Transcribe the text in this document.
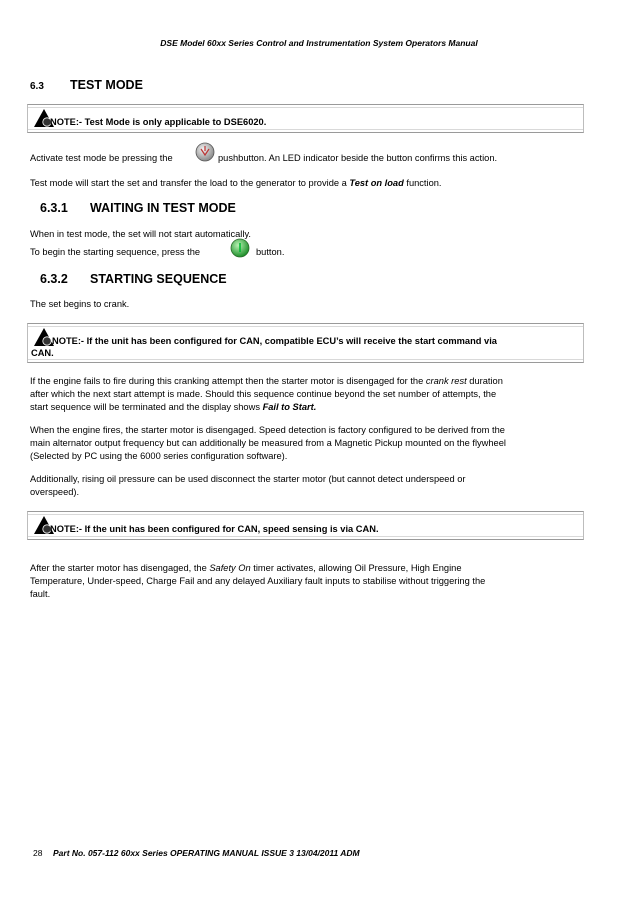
DSE Model 60xx Series Control and Instrumentation System Operators Manual
6.3 TEST MODE
NOTE:- Test Mode is only applicable to DSE6020.
Activate test mode be pressing the	pushbutton. An LED indicator beside the button confirms this action.
Test mode will start the set and transfer the load to the generator to provide a Test on load function.
6.3.1 WAITING IN TEST MODE
When in test mode, the set will not start automatically.
To begin the starting sequence, press the	button.
6.3.2 STARTING SEQUENCE
The set begins to crank.
NOTE:- If the unit has been configured for CAN, compatible ECU’s will receive the start command via
CAN.
If the engine fails to fire during this cranking attempt then the starter motor is disengaged for the crank rest duration
after which the next start attempt is made. Should this sequence continue beyond the set number of attempts, the
start sequence will be terminated and the display shows Fail to Start.
When the engine fires, the starter motor is disengaged. Speed detection is factory configured to be derived from the
main alternator output frequency but can additionally be measured from a Magnetic Pickup mounted on the flywheel
(Selected by PC using the 6000 series configuration software).
Additionally, rising oil pressure can be used disconnect the starter motor (but cannot detect underspeed or
overspeed).
NOTE:- If the unit has been configured for CAN, speed sensing is via CAN.
After the starter motor has disengaged, the Safety On timer activates, allowing Oil Pressure, High Engine
Temperature, Under-speed, Charge Fail and any delayed Auxiliary fault inputs to stabilise without triggering the
fault.
28 Part No. 057-112 60xx Series OPERATING MANUAL ISSUE 3 13/04/2011 ADM
